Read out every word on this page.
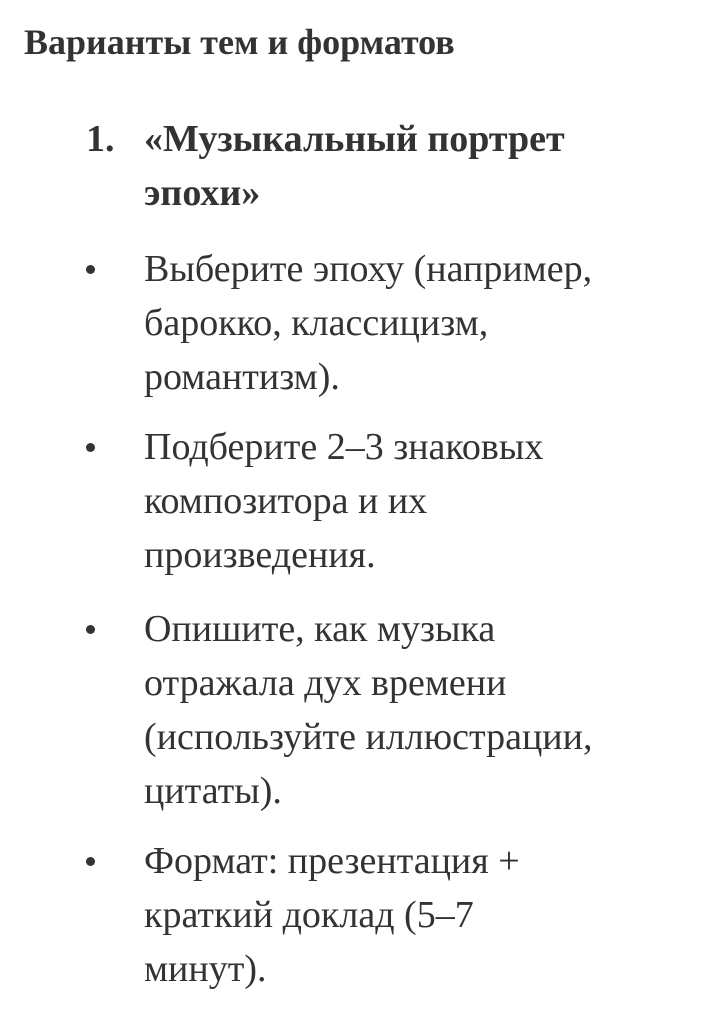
Варианты тем и форматов
1. «Музыкальный портрет
эпохи»
Выберите эпоху (например,
барокко, классицизм,
романтизм).
Подберите 2–3 знаковых
композитора и их
произведения.
Опишите, как музыка
отражала дух времени
(используйте иллюстрации,
цитаты).
Формат: презентация +
краткий доклад (5–7
минут).
